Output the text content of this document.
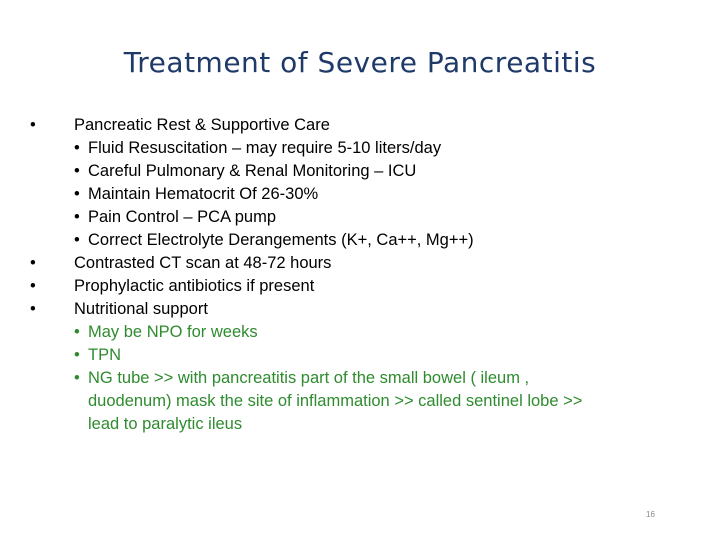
Treatment of Severe Pancreatitis
•	Pancreatic Rest & Supportive Care
• Fluid Resuscitation – may require 5-10 liters/day
• Careful Pulmonary & Renal Monitoring – ICU
• Maintain Hematocrit Of 26-30%
• Pain Control – PCA pump
• Correct Electrolyte Derangements (K+, Ca++, Mg++)
•	Contrasted CT scan at 48-72 hours
•	Prophylactic antibiotics if present
•	Nutritional support
• May be NPO for weeks
• TPN
• NG tube >> with pancreatitis part of the small bowel ( ileum , duodenum) mask the site of inflammation >> called sentinel lobe >> lead to paralytic ileus
16
